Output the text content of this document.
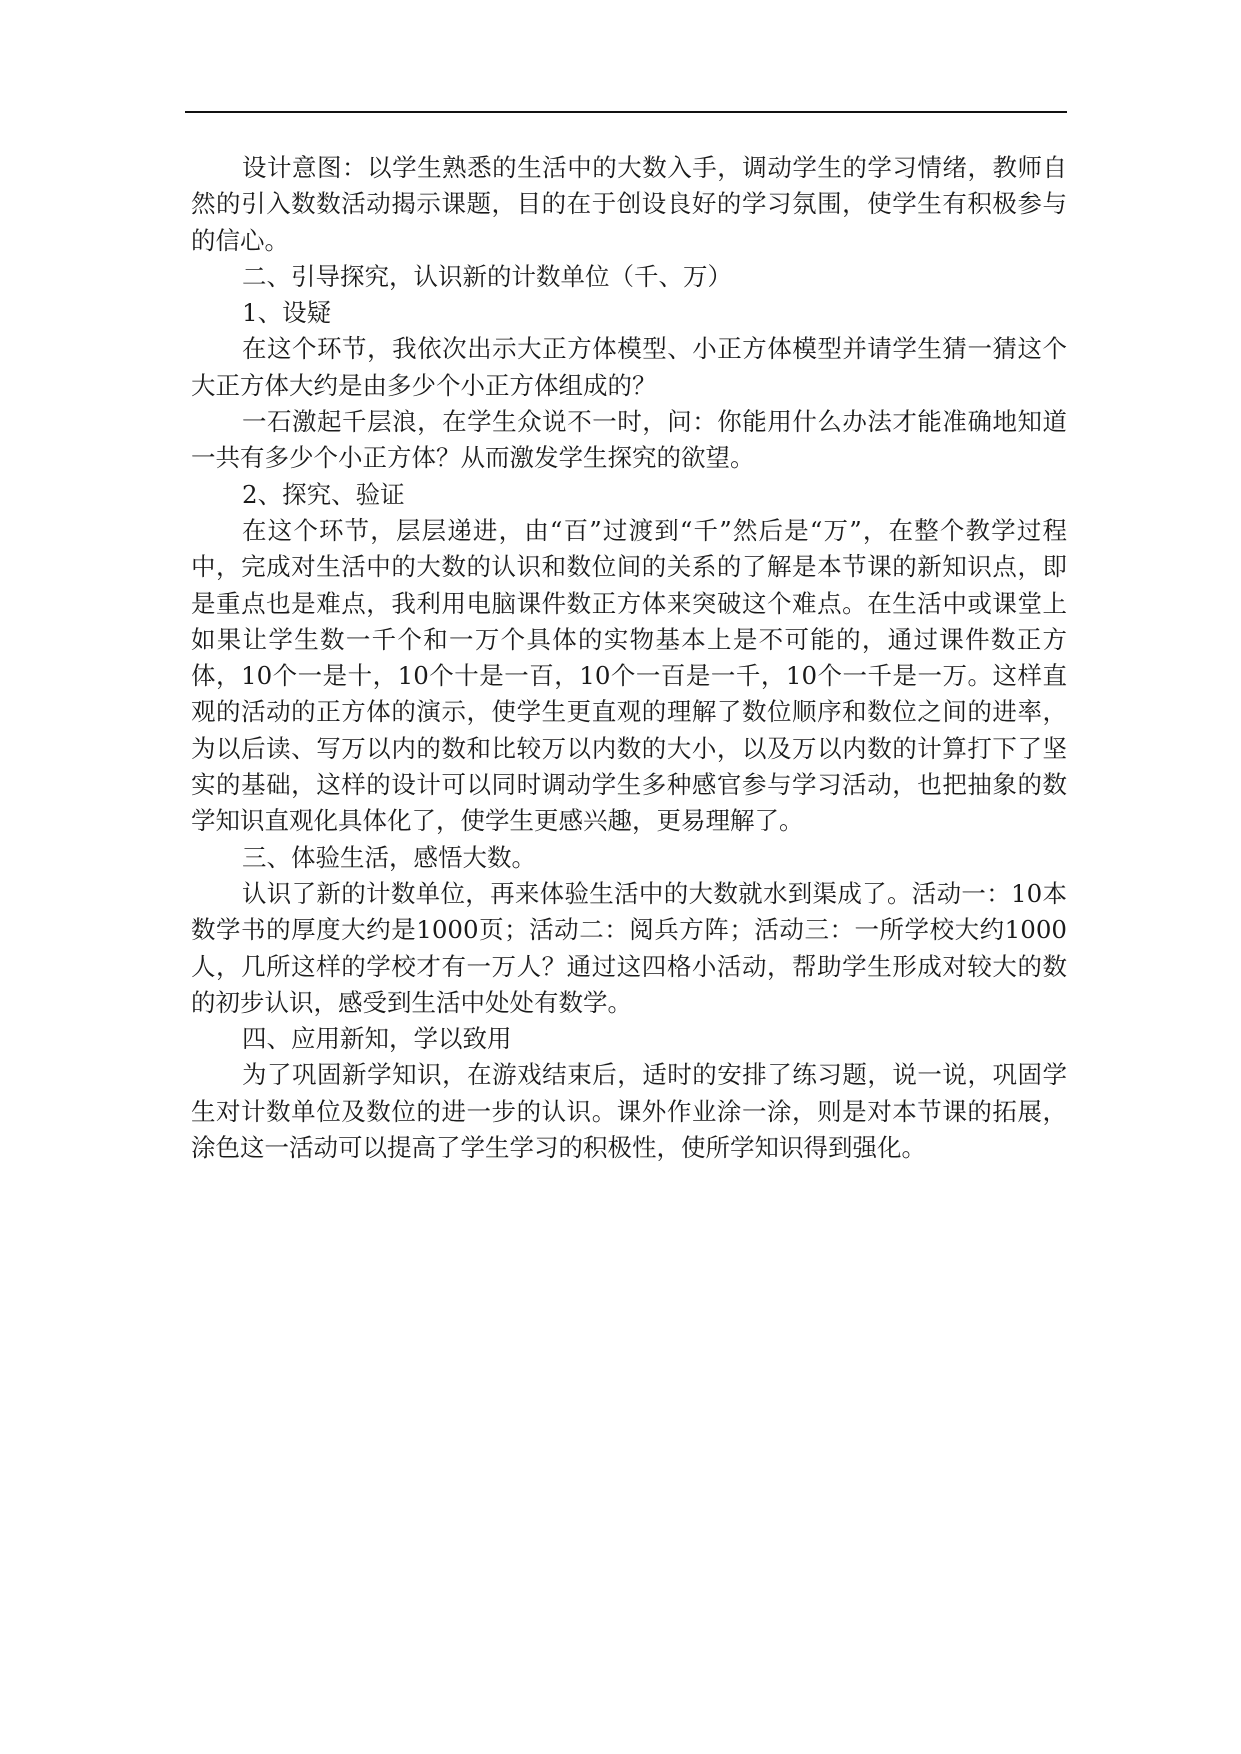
设计意图：以学生熟悉的生活中的大数入手，调动学生的学习情绪，教师自然的引入数数活动揭示课题，目的在于创设良好的学习氛围，使学生有积极参与的信心。

二、引导探究，认识新的计数单位（千、万）

1、设疑

在这个环节，我依次出示大正方体模型、小正方体模型并请学生猜一猜这个大正方体大约是由多少个小正方体组成的？

一石激起千层浪，在学生众说不一时，问：你能用什么办法才能准确地知道一共有多少个小正方体？从而激发学生探究的欲望。

2、探究、验证

在这个环节，层层递进，由“百”过渡到“千”然后是“万”，在整个教学过程中，完成对生活中的大数的认识和数位间的关系的了解是本节课的新知识点，即是重点也是难点，我利用电脑课件数正方体来突破这个难点。在生活中或课堂上如果让学生数一千个和一万个具体的实物基本上是不可能的，通过课件数正方体，10个一是十，10个十是一百，10个一百是一千，10个一千是一万。这样直观的活动的正方体的演示，使学生更直观的理解了数位顺序和数位之间的进率，为以后读、写万以内的数和比较万以内数的大小，以及万以内数的计算打下了坚实的基础，这样的设计可以同时调动学生多种感官参与学习活动，也把抽象的数学知识直观化具体化了，使学生更感兴趣，更易理解了。

三、体验生活，感悟大数。

认识了新的计数单位，再来体验生活中的大数就水到渠成了。活动一：10本数学书的厚度大约是1000页；活动二：阅兵方阵；活动三：一所学校大约1000人，几所这样的学校才有一万人？通过这四格小活动，帮助学生形成对较大的数的初步认识，感受到生活中处处有数学。

四、应用新知，学以致用

为了巩固新学知识，在游戏结束后，适时的安排了练习题，说一说，巩固学生对计数单位及数位的进一步的认识。课外作业涂一涂，则是对本节课的拓展，涂色这一活动可以提高了学生学习的积极性，使所学知识得到强化。
